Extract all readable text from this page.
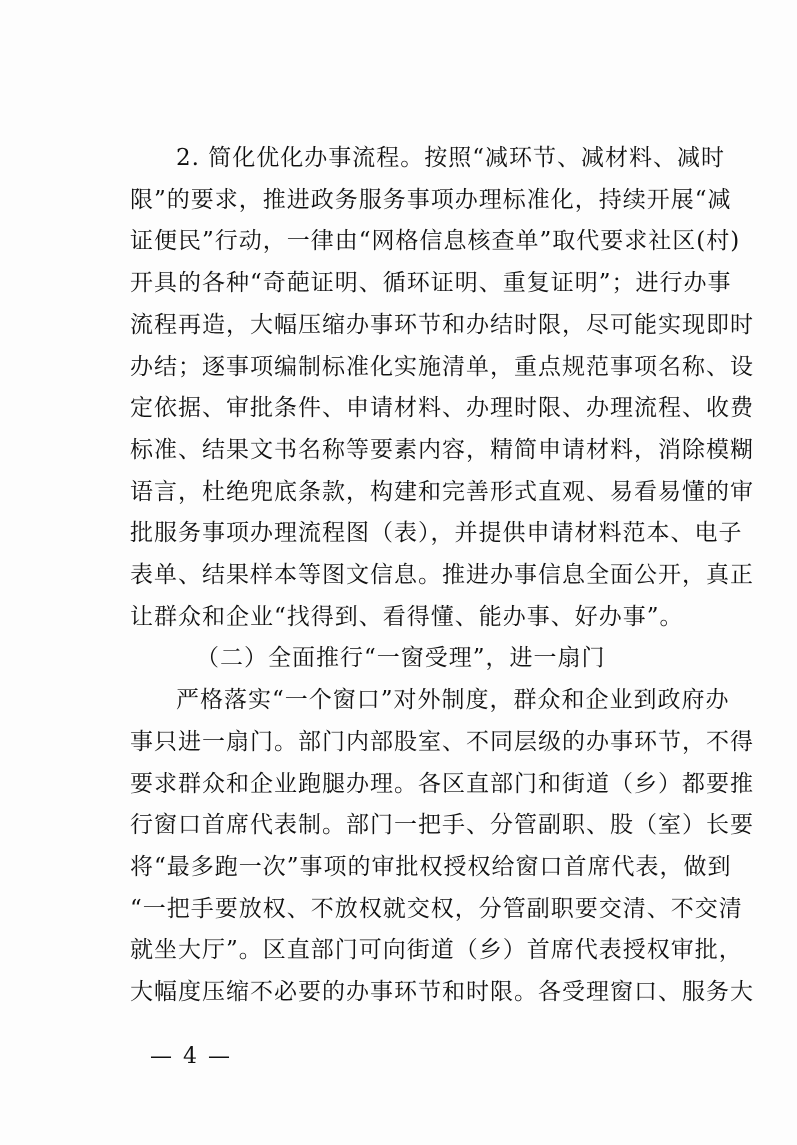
2. 简化优化办事流程。按照“减环节、减材料、减时
限”的要求，推进政务服务事项办理标准化，持续开展“减
证便民”行动，一律由“网格信息核查单”取代要求社区(村)
开具的各种“奇葩证明、循环证明、重复证明”；进行办事
流程再造，大幅压缩办事环节和办结时限，尽可能实现即时
办结；逐事项编制标准化实施清单，重点规范事项名称、设
定依据、审批条件、申请材料、办理时限、办理流程、收费
标准、结果文书名称等要素内容，精简申请材料，消除模糊
语言，杜绝兜底条款，构建和完善形式直观、易看易懂的审
批服务事项办理流程图（表），并提供申请材料范本、电子
表单、结果样本等图文信息。推进办事信息全面公开，真正
让群众和企业“找得到、看得懂、能办事、好办事”。
（二）全面推行“一窗受理”，进一扇门
严格落实“一个窗口”对外制度，群众和企业到政府办
事只进一扇门。部门内部股室、不同层级的办事环节，不得
要求群众和企业跑腿办理。各区直部门和街道（乡）都要推
行窗口首席代表制。部门一把手、分管副职、股（室）长要
将“最多跑一次”事项的审批权授权给窗口首席代表，做到
“一把手要放权、不放权就交权，分管副职要交清、不交清
就坐大厅”。区直部门可向街道（乡）首席代表授权审批，
大幅度压缩不必要的办事环节和时限。各受理窗口、服务大
— 4 —
